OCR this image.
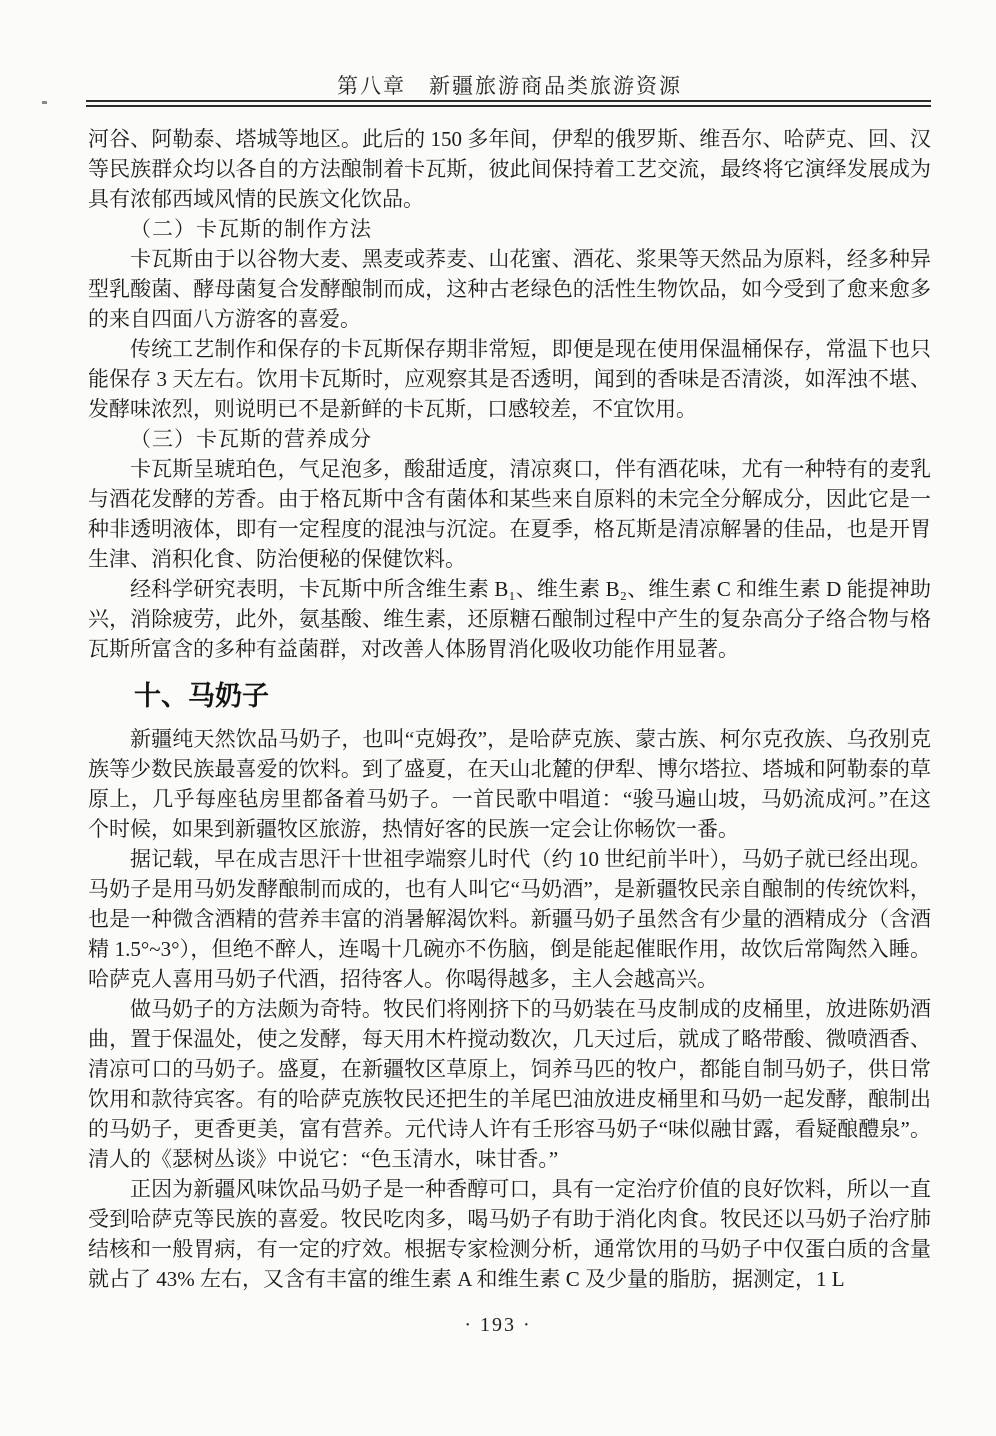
第八章　新疆旅游商品类旅游资源

河谷、阿勒泰、塔城等地区。此后的 150 多年间，伊犁的俄罗斯、维吾尔、哈萨克、回、汉等民族群众均以各自的方法酿制着卡瓦斯，彼此间保持着工艺交流，最终将它演绎发展成为具有浓郁西域风情的民族文化饮品。

（二）卡瓦斯的制作方法

卡瓦斯由于以谷物大麦、黑麦或荞麦、山花蜜、酒花、浆果等天然品为原料，经多种异型乳酸菌、酵母菌复合发酵酿制而成，这种古老绿色的活性生物饮品，如今受到了愈来愈多的来自四面八方游客的喜爱。

传统工艺制作和保存的卡瓦斯保存期非常短，即便是现在使用保温桶保存，常温下也只能保存 3 天左右。饮用卡瓦斯时，应观察其是否透明，闻到的香味是否清淡，如浑浊不堪、发酵味浓烈，则说明已不是新鲜的卡瓦斯，口感较差，不宜饮用。

（三）卡瓦斯的营养成分

卡瓦斯呈琥珀色，气足泡多，酸甜适度，清凉爽口，伴有酒花味，尤有一种特有的麦乳与酒花发酵的芳香。由于格瓦斯中含有菌体和某些来自原料的未完全分解成分，因此它是一种非透明液体，即有一定程度的混浊与沉淀。在夏季，格瓦斯是清凉解暑的佳品，也是开胃生津、消积化食、防治便秘的保健饮料。

经科学研究表明，卡瓦斯中所含维生素 B₁、维生素 B₂、维生素 C 和维生素 D 能提神助兴，消除疲劳，此外，氨基酸、维生素，还原糖石酿制过程中产生的复杂高分子络合物与格瓦斯所富含的多种有益菌群，对改善人体肠胃消化吸收功能作用显著。

十、马奶子

新疆纯天然饮品马奶子，也叫“克姆孜”，是哈萨克族、蒙古族、柯尔克孜族、乌孜别克族等少数民族最喜爱的饮料。到了盛夏，在天山北麓的伊犁、博尔塔拉、塔城和阿勒泰的草原上，几乎每座毡房里都备着马奶子。一首民歌中唱道：“骏马遍山坡，马奶流成河。”在这个时候，如果到新疆牧区旅游，热情好客的民族一定会让你畅饮一番。

据记载，早在成吉思汗十世祖孛端察儿时代（约 10 世纪前半叶），马奶子就已经出现。马奶子是用马奶发酵酿制而成的，也有人叫它“马奶酒”，是新疆牧民亲自酿制的传统饮料，也是一种微含酒精的营养丰富的消暑解渴饮料。新疆马奶子虽然含有少量的酒精成分（含酒精 1.5°~3°），但绝不醉人，连喝十几碗亦不伤脑，倒是能起催眠作用，故饮后常陶然入睡。哈萨克人喜用马奶子代酒，招待客人。你喝得越多，主人会越高兴。

做马奶子的方法颇为奇特。牧民们将刚挤下的马奶装在马皮制成的皮桶里，放进陈奶酒曲，置于保温处，使之发酵，每天用木杵搅动数次，几天过后，就成了略带酸、微喷酒香、清凉可口的马奶子。盛夏，在新疆牧区草原上，饲养马匹的牧户，都能自制马奶子，供日常饮用和款待宾客。有的哈萨克族牧民还把生的羊尾巴油放进皮桶里和马奶一起发酵，酿制出的马奶子，更香更美，富有营养。元代诗人许有壬形容马奶子“味似融甘露，看疑酿醴泉”。清人的《瑟树丛谈》中说它：“色玉清水，味甘香。”

正因为新疆风味饮品马奶子是一种香醇可口，具有一定治疗价值的良好饮料，所以一直受到哈萨克等民族的喜爱。牧民吃肉多，喝马奶子有助于消化肉食。牧民还以马奶子治疗肺结核和一般胃病，有一定的疗效。根据专家检测分析，通常饮用的马奶子中仅蛋白质的含量就占了 43% 左右，又含有丰富的维生素 A 和维生素 C 及少量的脂肪，据测定，1 L

· 193 ·
